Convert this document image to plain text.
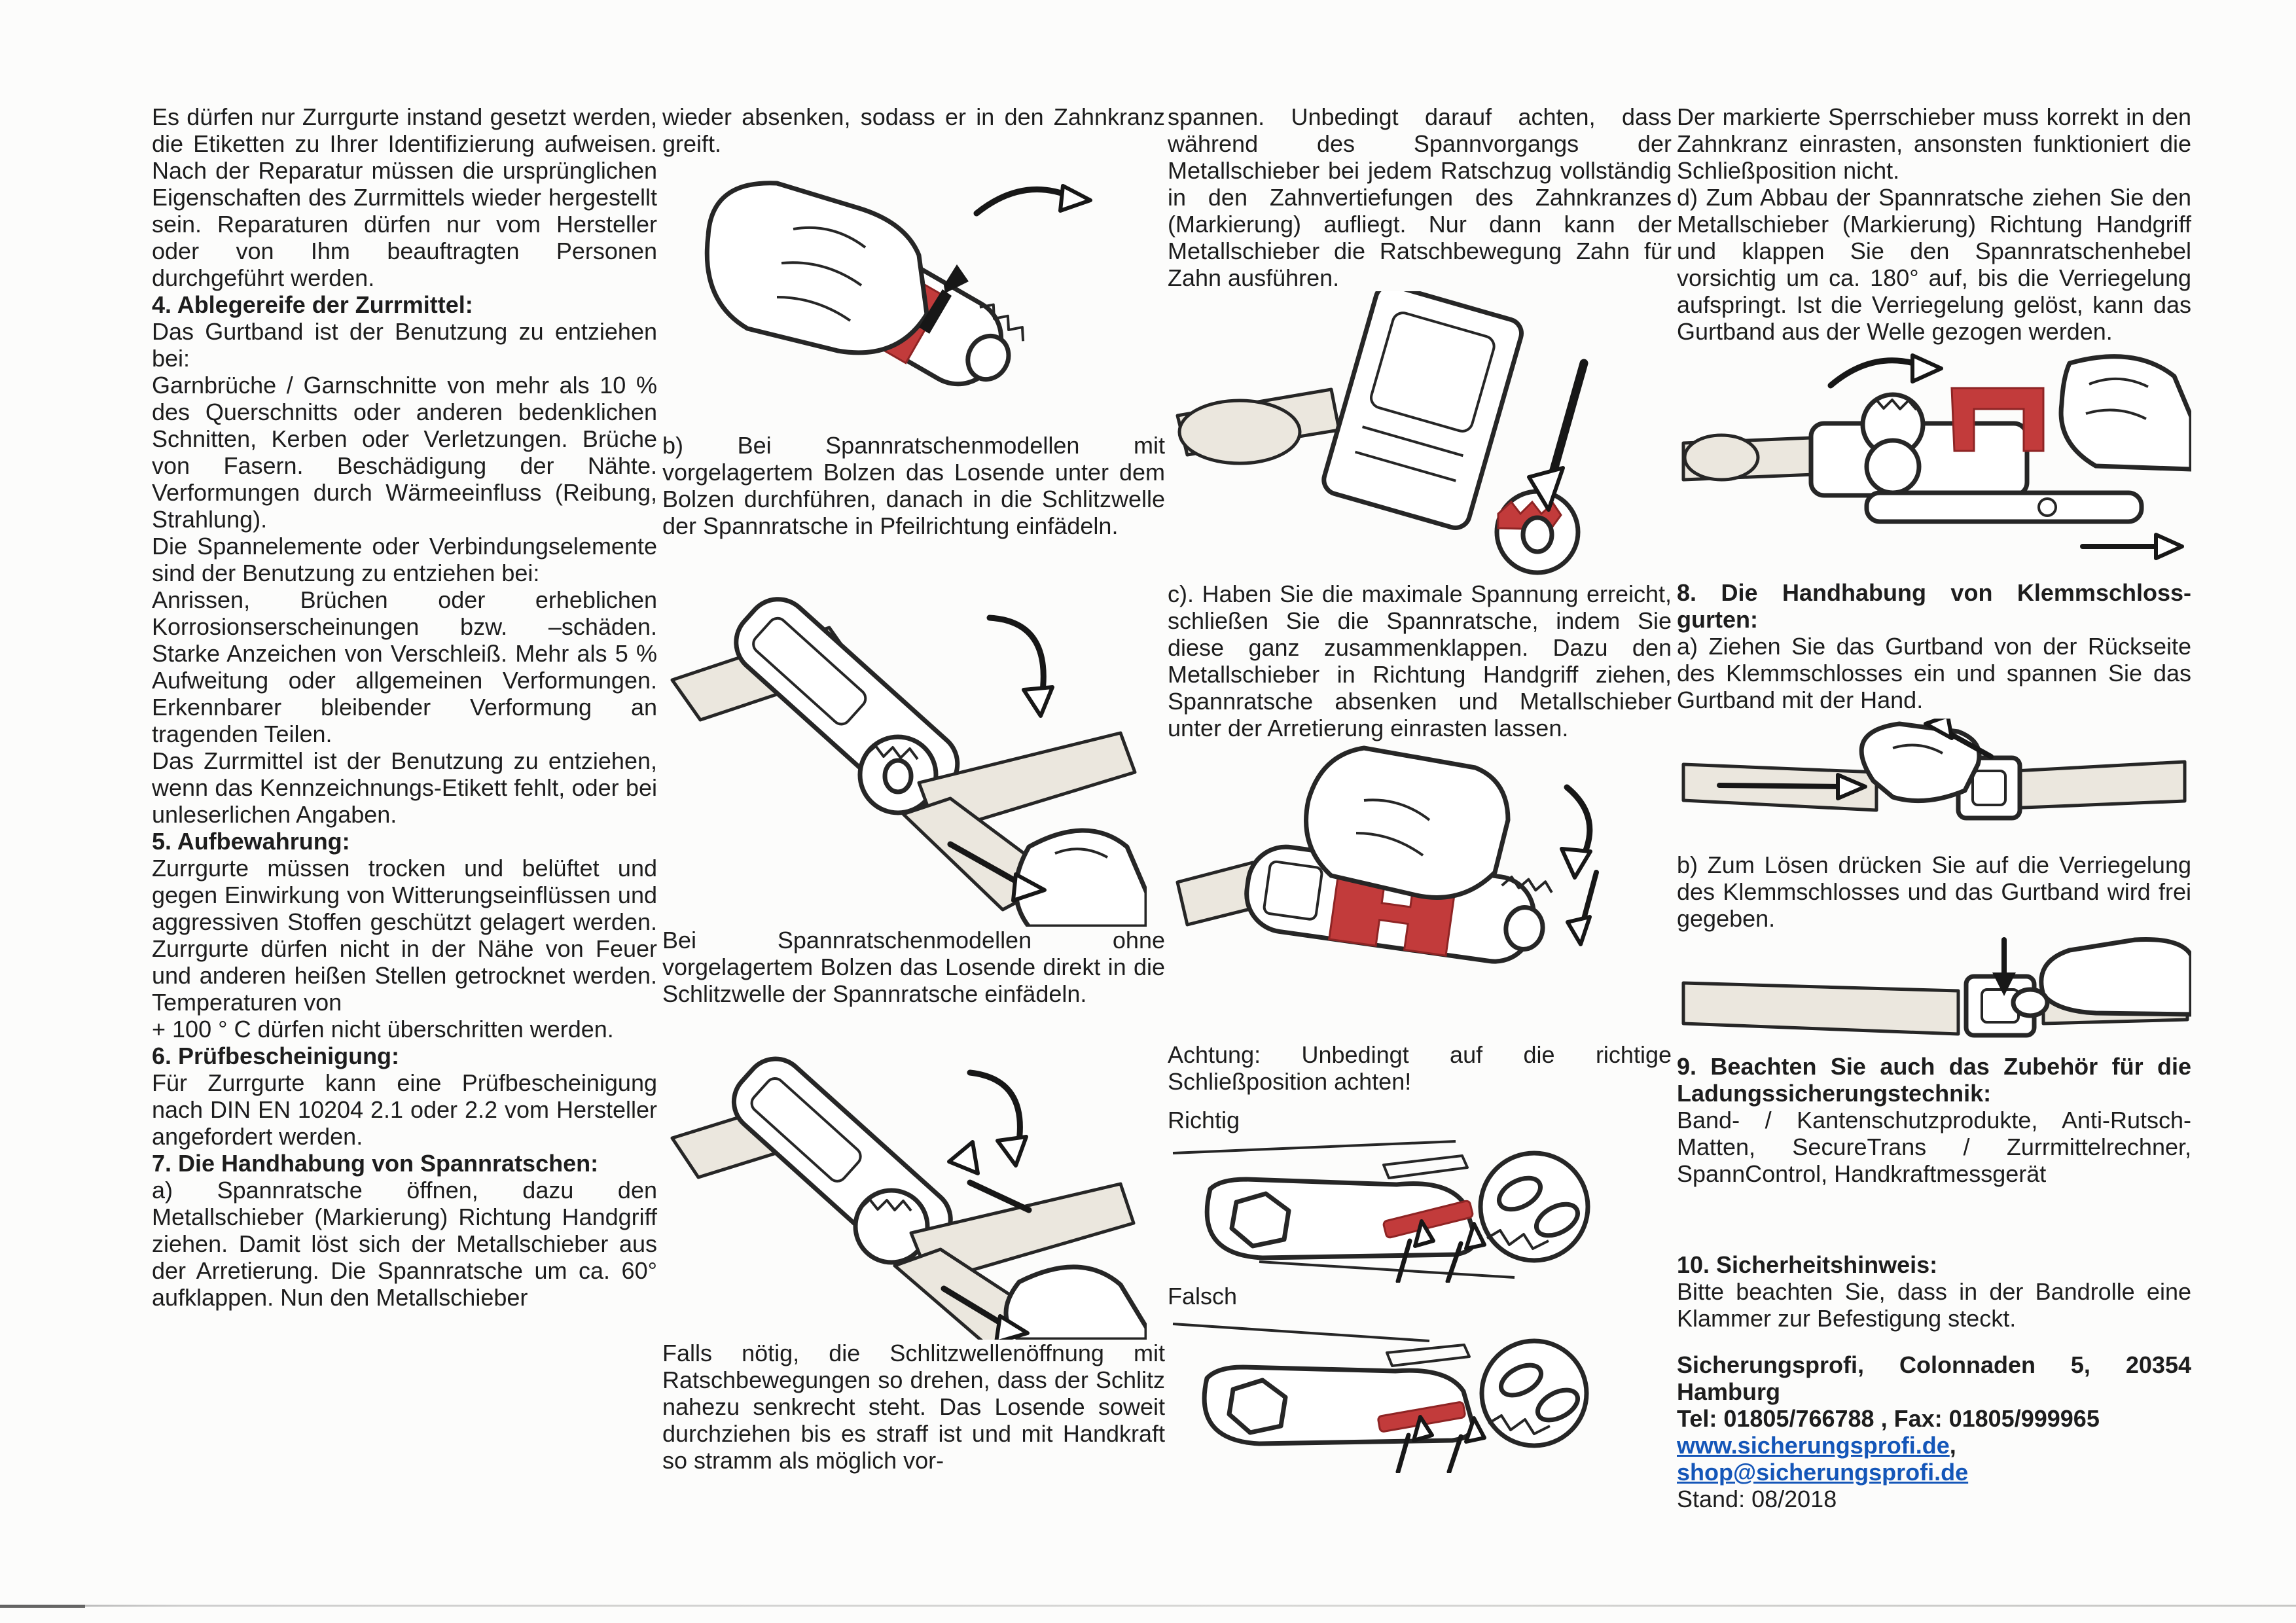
Es dürfen nur Zurrgurte instand gesetzt werden, die Etiketten zu Ihrer Identifizierung aufweisen. Nach der Reparatur müssen die ursprünglichen Eigenschaften des Zurrmittels wieder hergestellt sein. Reparaturen dürfen nur vom Hersteller oder von Ihm beauftragten Personen durchgeführt werden.

4. Ablegereife der Zurrmittel:

Das Gurtband ist der Benutzung zu entziehen bei:

Garnbrüche / Garnschnitte von mehr als 10 % des Querschnitts oder anderen bedenklichen Schnitten, Kerben oder Verletzungen. Brüche von Fasern. Beschädigung der Nähte. Verformungen durch Wärmeeinfluss (Reibung, Strahlung).

Die Spannelemente oder Verbindungselemente sind der Benutzung zu entziehen bei:

Anrissen, Brüchen oder erheblichen Korrosionserscheinungen bzw. –schäden. Starke Anzeichen von Verschleiß. Mehr als 5 % Aufweitung oder allgemeinen Verformungen. Erkennbarer bleibender Verformung an tragenden Teilen.

Das Zurrmittel ist der Benutzung zu entziehen, wenn das Kennzeichnungs-Etikett fehlt, oder bei unleserlichen Angaben.

5. Aufbewahrung:

Zurrgurte müssen trocken und belüftet und gegen Einwirkung von Witterungseinflüssen und aggressiven Stoffen geschützt gelagert werden. Zurrgurte dürfen nicht in der Nähe von Feuer und anderen heißen Stellen getrocknet werden. Temperaturen von

+ 100 ° C dürfen nicht überschritten werden.

6. Prüfbescheinigung:

Für Zurrgurte kann eine Prüfbescheinigung nach DIN EN 10204 2.1 oder 2.2 vom Hersteller angefordert werden.

7. Die Handhabung von Spannratschen:

a) Spannratsche öffnen, dazu den Metallschieber (Markierung) Richtung Handgriff ziehen. Damit löst sich der Metallschieber aus der Arretierung. Die Spannratsche um ca. 60° aufklappen. Nun den Metallschieber

wieder absenken, sodass er in den Zahnkranz greift.

b) Bei Spannratschenmodellen mit vorgelagertem Bolzen das Losende unter dem Bolzen durchführen, danach in die Schlitzwelle der Spannratsche in Pfeilrichtung einfädeln.

Bei Spannratschenmodellen ohne vorgelagertem Bolzen das Losende direkt in die Schlitzwelle der Spannratsche einfädeln.

Falls nötig, die Schlitzwellenöffnung mit Ratschbewegungen so drehen, dass der Schlitz nahezu senkrecht steht. Das Losende soweit durchziehen bis es straff ist und mit Handkraft so stramm als möglich vor-

spannen. Unbedingt darauf achten, dass während des Spannvorgangs der Metallschieber bei jedem Ratschzug vollständig in den Zahnvertiefungen des Zahnkranzes (Markierung) aufliegt. Nur dann kann der Metallschieber die Ratschbewegung Zahn für Zahn ausführen.

c). Haben Sie die maximale Spannung erreicht, schließen Sie die Spannratsche, indem Sie diese ganz zusammenklappen. Dazu den Metallschieber in Richtung Handgriff ziehen, Spannratsche absenken und Metallschieber unter der Arretierung einrasten lassen.

Achtung: Unbedingt auf die richtige Schließposition achten!

Richtig

Falsch

Der markierte Sperrschieber muss korrekt in den Zahnkranz einrasten, ansonsten funktioniert die Schließposition nicht.

d) Zum Abbau der Spannratsche ziehen Sie den Metallschieber (Markierung) Richtung Handgriff und klappen Sie den Spannratschenhebel vorsichtig um ca. 180° auf, bis die Verriegelung aufspringt. Ist die Verriegelung gelöst, kann das Gurtband aus der Welle gezogen werden.

8. Die Handhabung von Klemmschloss-gurten:

a) Ziehen Sie das Gurtband von der Rückseite des Klemmschlosses ein und spannen Sie das Gurtband mit der Hand.

b) Zum Lösen drücken Sie auf die Verriegelung des Klemmschlosses und das Gurtband wird frei gegeben.

9. Beachten Sie auch das Zubehör für die Ladungssicherungstechnik:

Band- / Kantenschutzprodukte, Anti-Rutsch-Matten, SecureTrans / Zurrmittelrechner, SpannControl, Handkraftmessgerät

10. Sicherheitshinweis:

Bitte beachten Sie, dass in der Bandrolle eine Klammer zur Befestigung steckt.

Sicherungsprofi, Colonnaden 5, 20354 Hamburg

Tel: 01805/766788 , Fax: 01805/999965

www.sicherungsprofi.de, shop@sicherungsprofi.de

Stand: 08/2018
